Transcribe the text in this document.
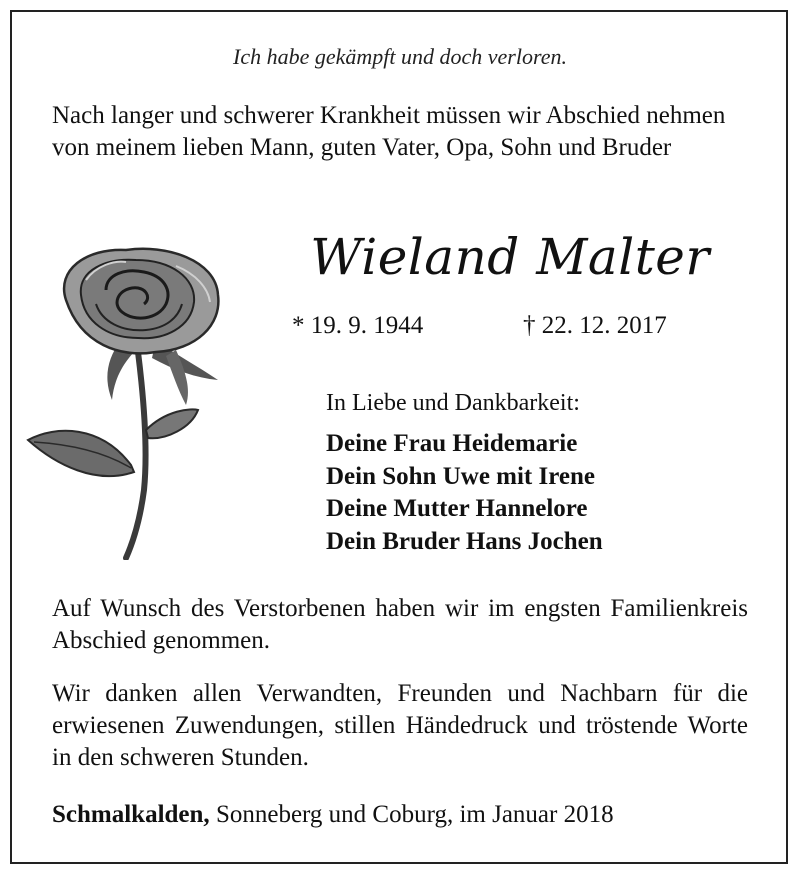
Ich habe gekämpft und doch verloren.
Nach langer und schwerer Krankheit müssen wir Abschied nehmen von meinem lieben Mann, guten Vater, Opa, Sohn und Bruder
Wieland Malter
* 19. 9. 1944	† 22. 12. 2017
In Liebe und Dankbarkeit:
Deine Frau Heidemarie
Dein Sohn Uwe mit Irene
Deine Mutter Hannelore
Dein Bruder Hans Jochen
Auf Wunsch des Verstorbenen haben wir im engsten Familienkreis Abschied genommen.
Wir danken allen Verwandten, Freunden und Nachbarn für die erwiesenen Zuwendungen, stillen Händedruck und tröstende Worte in den schweren Stunden.
Schmalkalden, Sonneberg und Coburg, im Januar 2018
